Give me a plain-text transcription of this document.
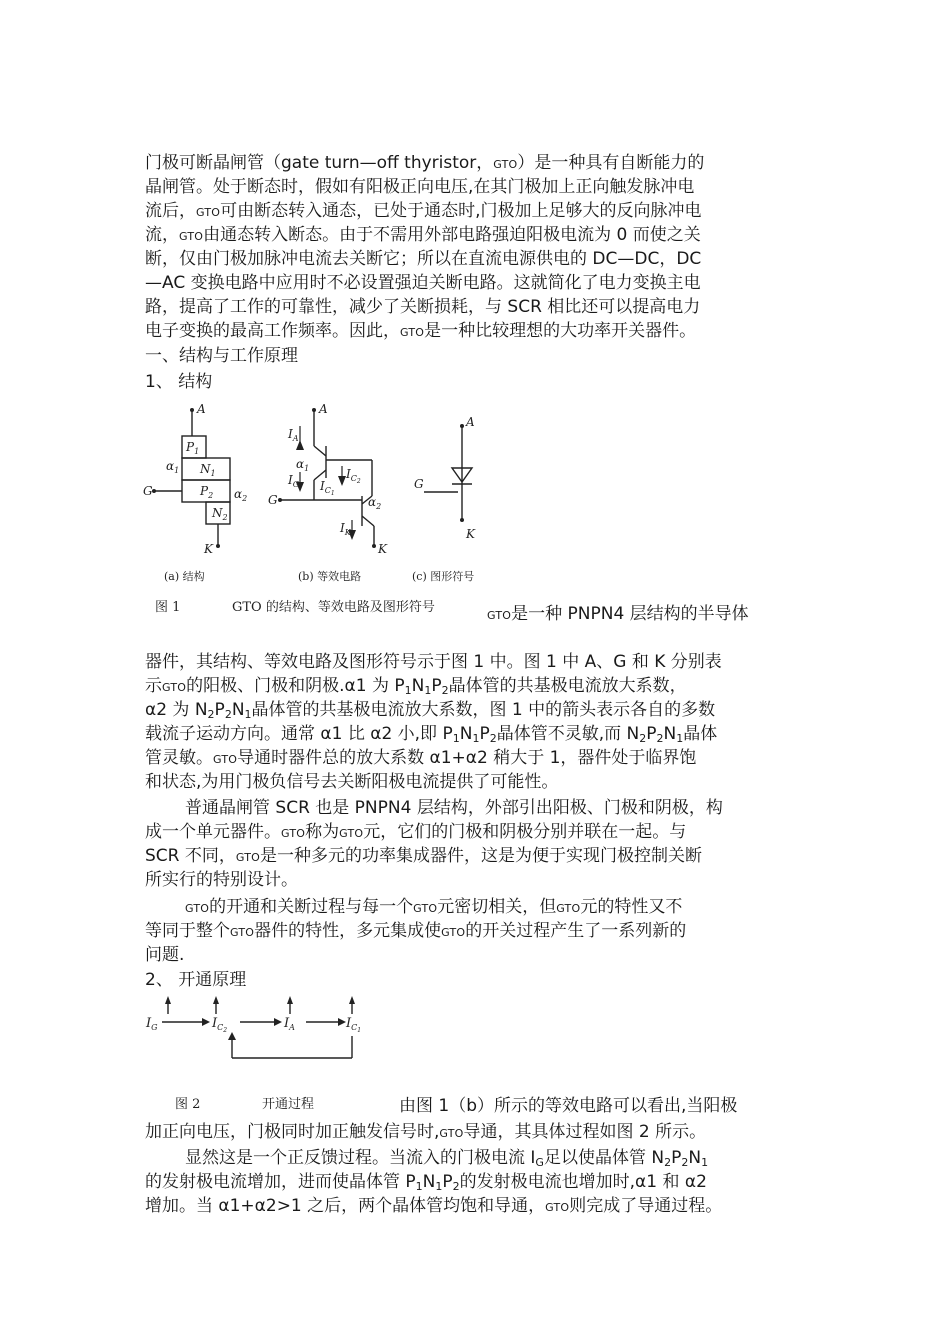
门极可断晶闸管（gate turn—off thyristor，GTO）是一种具有自断能力的
晶闸管。处于断态时，假如有阳极正向电压,在其门极加上正向触发脉冲电
流后，GTO可由断态转入通态，已处于通态时,门极加上足够大的反向脉冲电
流，GTO由通态转入断态。由于不需用外部电路强迫阳极电流为 0 而使之关
断，仅由门极加脉冲电流去关断它；所以在直流电源供电的 DC—DC，DC
—AC 变换电路中应用时不必设置强迫关断电路。这就简化了电力变换主电
路，提高了工作的可靠性，减少了关断损耗，与 SCR 相比还可以提高电力
电子变换的最高工作频率。因此，GTO是一种比较理想的大功率开关器件。
一、结构与工作原理
1、 结构
A
G
K
$P_1$
$N_1$
$P_2$
$N_2$
$\alpha_1$
$\alpha_2$
A
G
K
$I_A$
$I_G$ $I_C1$
$I_C2$
$I_K$
$\alpha_1$
$\alpha_2$
A
G
K
(a) 结构	(b) 等效电路	(c) 图形符号
图 1	GTO 的结构、等效电路及图形符号
GTO是一种 PNPN4 层结构的半导体
器件，其结构、等效电路及图形符号示于图 1 中。图 1 中 A、G 和 K 分别表
示GTO的阳极、门极和阴极.α1 为 $P_1N_1P_2$晶体管的共基极电流放大系数，
α2 为 $N_2P_2N_1$晶体管的共基极电流放大系数，图 1 中的箭头表示各自的多数
载流子运动方向。通常 α1 比 α2 小,即 $P_1N_1P_2$晶体管不灵敏,而 $N_2P_2N_1$晶体
管灵敏。GTO导通时器件总的放大系数 α1+α2 稍大于 1，器件处于临界饱
和状态,为用门极负信号去关断阳极电流提供了可能性。
普通晶闸管 SCR 也是 PNPN4 层结构，外部引出阳极、门极和阴极，构
成一个单元器件。GTO称为GTO元，它们的门极和阴极分别并联在一起。与
SCR 不同，GTO是一种多元的功率集成器件，这是为便于实现门极控制关断
所实行的特别设计。
GTO的开通和关断过程与每一个GTO元密切相关，但GTO元的特性又不
等同于整个GTO器件的特性，多元集成使GTO的开关过程产生了一系列新的
问题.
2、 开通原理
$I_G$	$I_C2$	$I_A$	$I_C1$
图 2	开通过程	由图 1（b）所示的等效电路可以看出,当阳极
加正向电压，门极同时加正触发信号时,GTO导通，其具体过程如图 2 所示。
显然这是一个正反馈过程。当流入的门极电流 $I_G$足以使晶体管 $N_2P_2N_1$
的发射极电流增加，进而使晶体管 $P_1N_1P_2$的发射极电流也增加时,α1 和 α2
增加。当 α1+α2>1 之后，两个晶体管均饱和导通，GTO则完成了导通过程。
